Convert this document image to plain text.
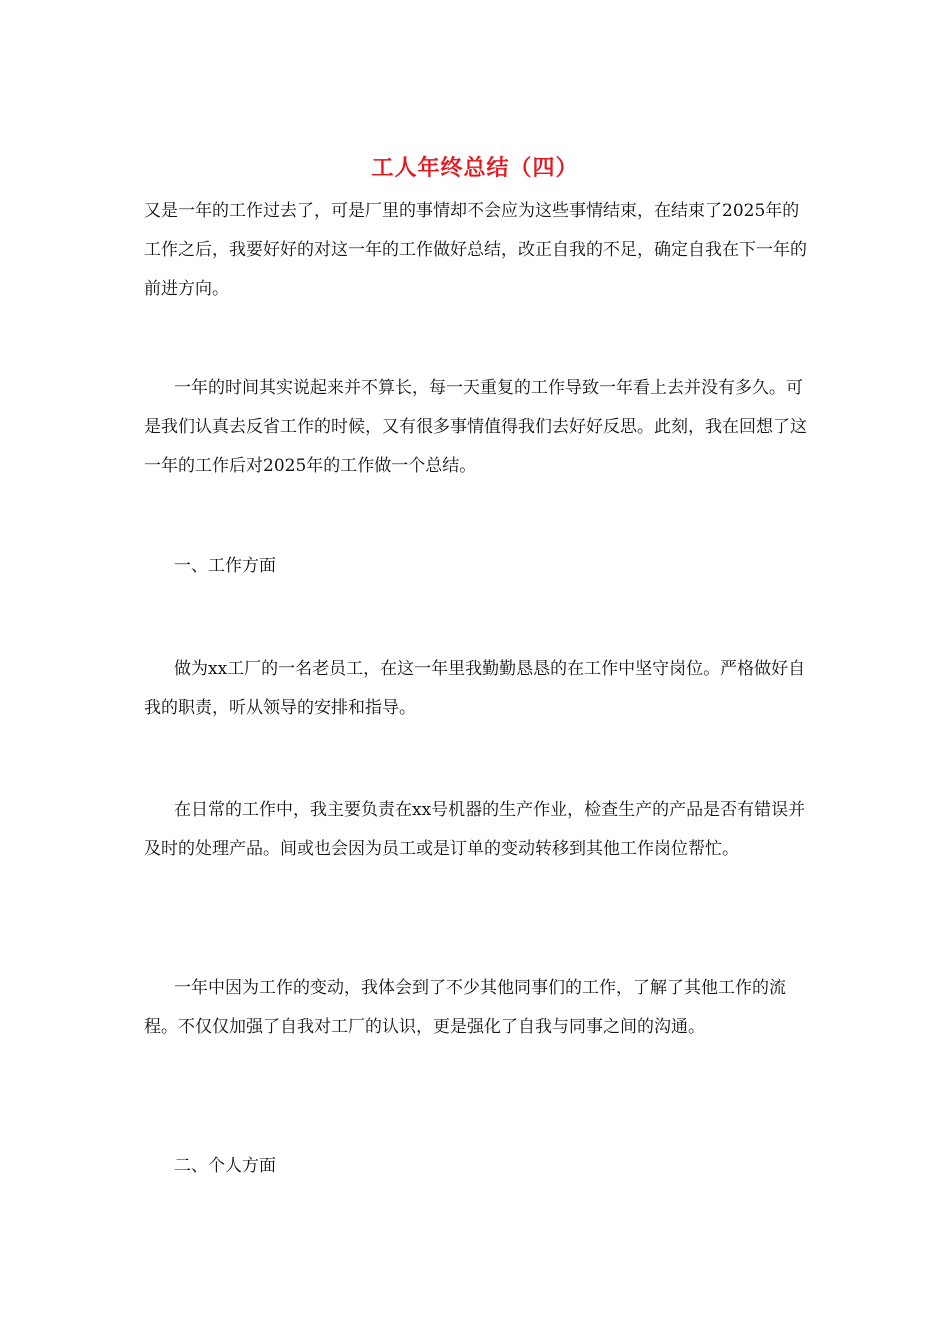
工人年终总结（四）

又是一年的工作过去了，可是厂里的事情却不会应为这些事情结束，在结束了2025年的工作之后，我要好好的对这一年的工作做好总结，改正自我的不足，确定自我在下一年的前进方向。

一年的时间其实说起来并不算长，每一天重复的工作导致一年看上去并没有多久。可是我们认真去反省工作的时候，又有很多事情值得我们去好好反思。此刻，我在回想了这一年的工作后对2025年的工作做一个总结。

一、工作方面

做为xx工厂的一名老员工，在这一年里我勤勤恳恳的在工作中坚守岗位。严格做好自我的职责，听从领导的安排和指导。

在日常的工作中，我主要负责在xx号机器的生产作业，检查生产的产品是否有错误并及时的处理产品。间或也会因为员工或是订单的变动转移到其他工作岗位帮忙。

一年中因为工作的变动，我体会到了不少其他同事们的工作，了解了其他工作的流程。不仅仅加强了自我对工厂的认识，更是强化了自我与同事之间的沟通。

二、个人方面
